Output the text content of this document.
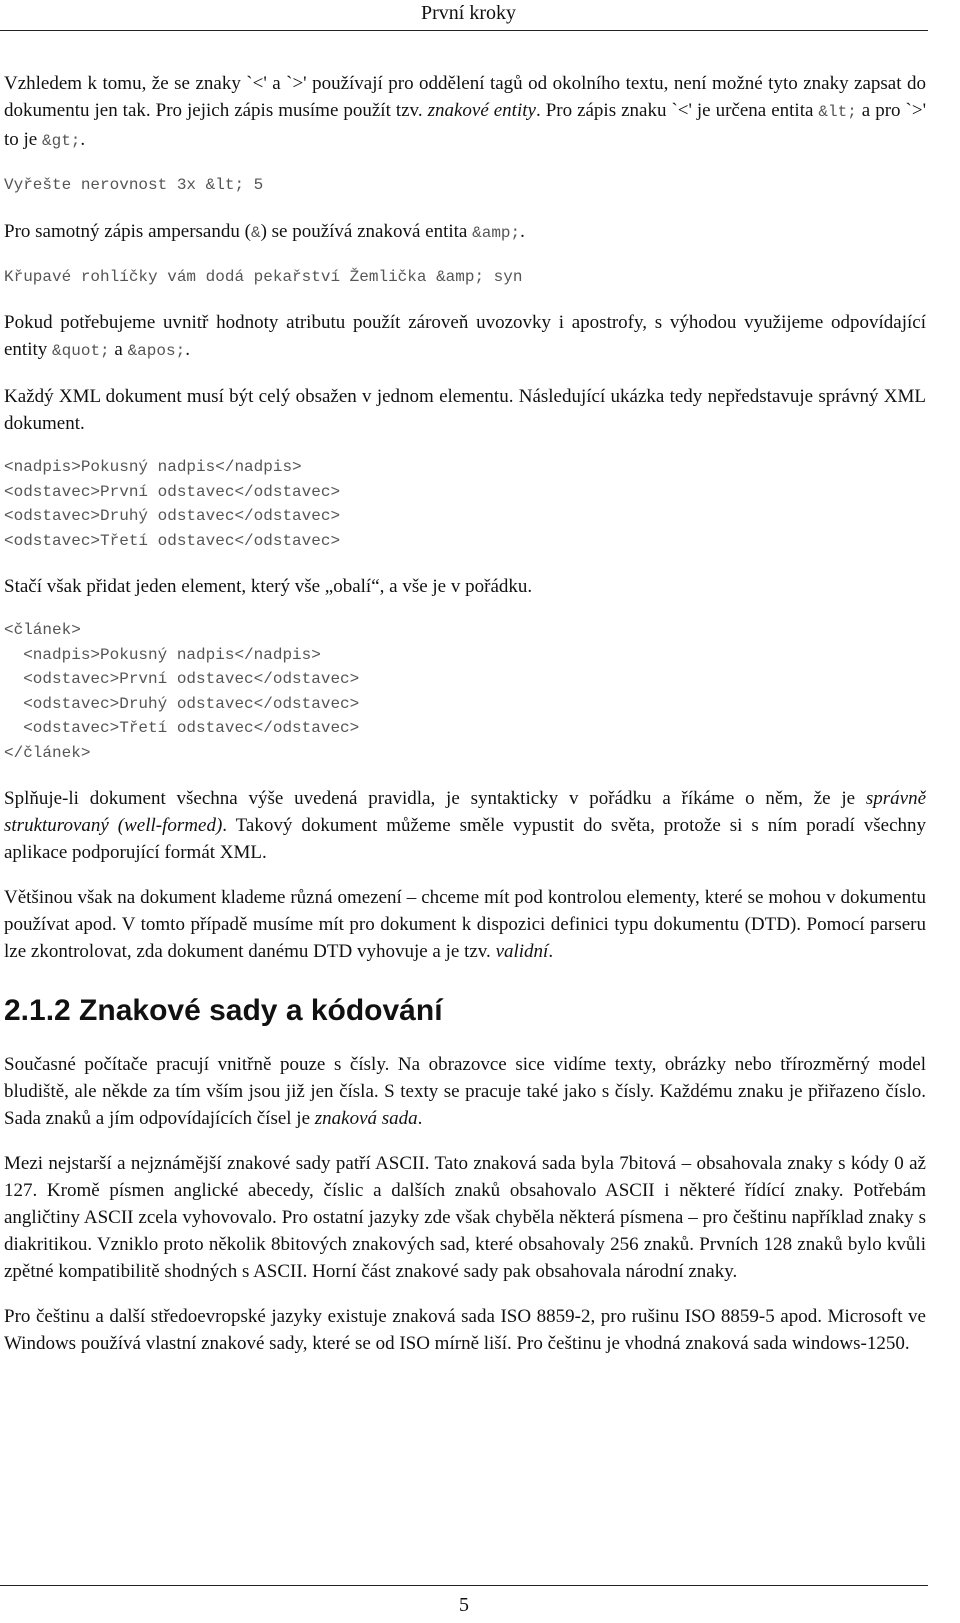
První kroky

Vzhledem k tomu, že se znaky `<' a `>' používají pro oddělení tagů od okolního textu, není možné tyto znaky zapsat do dokumentu jen tak. Pro jejich zápis musíme použít tzv. znakové entity. Pro zápis znaku `<' je určena entita &lt; a pro `>' to je &gt;.

Vyřešte nerovnost 3x &lt; 5

Pro samotný zápis ampersandu (&) se používá znaková entita &amp;.

Křupavé rohlíčky vám dodá pekařství Žemlička &amp; syn

Pokud potřebujeme uvnitř hodnoty atributu použít zároveň uvozovky i apostrofy, s výhodou využijeme odpovídající entity &quot; a &apos;.

Každý XML dokument musí být celý obsažen v jednom elementu. Následující ukázka tedy nepředstavuje správný XML dokument.

<nadpis>Pokusný nadpis</nadpis>
<odstavec>První odstavec</odstavec>
<odstavec>Druhý odstavec</odstavec>
<odstavec>Třetí odstavec</odstavec>

Stačí však přidat jeden element, který vše „obalí“, a vše je v pořádku.

<článek>
<nadpis>Pokusný nadpis</nadpis>
<odstavec>První odstavec</odstavec>
<odstavec>Druhý odstavec</odstavec>
<odstavec>Třetí odstavec</odstavec>
</článek>

Splňuje-li dokument všechna výše uvedená pravidla, je syntakticky v pořádku a říkáme o něm, že je správně strukturovaný (well-formed). Takový dokument můžeme směle vypustit do světa, protože si s ním poradí všechny aplikace podporující formát XML.

Většinou však na dokument klademe různá omezení – chceme mít pod kontrolou elementy, které se mohou v dokumentu používat apod. V tomto případě musíme mít pro dokument k dispozici definici typu dokumentu (DTD). Pomocí parseru lze zkontrolovat, zda dokument danému DTD vyhovuje a je tzv. validní.

2.1.2 Znakové sady a kódování

Současné počítače pracují vnitřně pouze s čísly. Na obrazovce sice vidíme texty, obrázky nebo třírozměrný model bludiště, ale někde za tím vším jsou již jen čísla. S texty se pracuje také jako s čísly. Každému znaku je přiřazeno číslo. Sada znaků a jím odpovídajících čísel je znaková sada.

Mezi nejstarší a nejznámější znakové sady patří ASCII. Tato znaková sada byla 7bitová – obsahovala znaky s kódy 0 až 127. Kromě písmen anglické abecedy, číslic a dalších znaků obsahovalo ASCII i některé řídící znaky. Potřebám angličtiny ASCII zcela vyhovovalo. Pro ostatní jazyky zde však chyběla některá písmena – pro češtinu například znaky s diakritikou. Vzniklo proto několik 8bitových znakových sad, které obsahovaly 256 znaků. Prvních 128 znaků bylo kvůli zpětné kompatibilitě shodných s ASCII. Horní část znakové sady pak obsahovala národní znaky.

Pro češtinu a další středoevropské jazyky existuje znaková sada ISO 8859-2, pro rušinu ISO 8859-5 apod. Microsoft ve Windows používá vlastní znakové sady, které se od ISO mírně liší. Pro češtinu je vhodná znaková sada windows-1250.

5
